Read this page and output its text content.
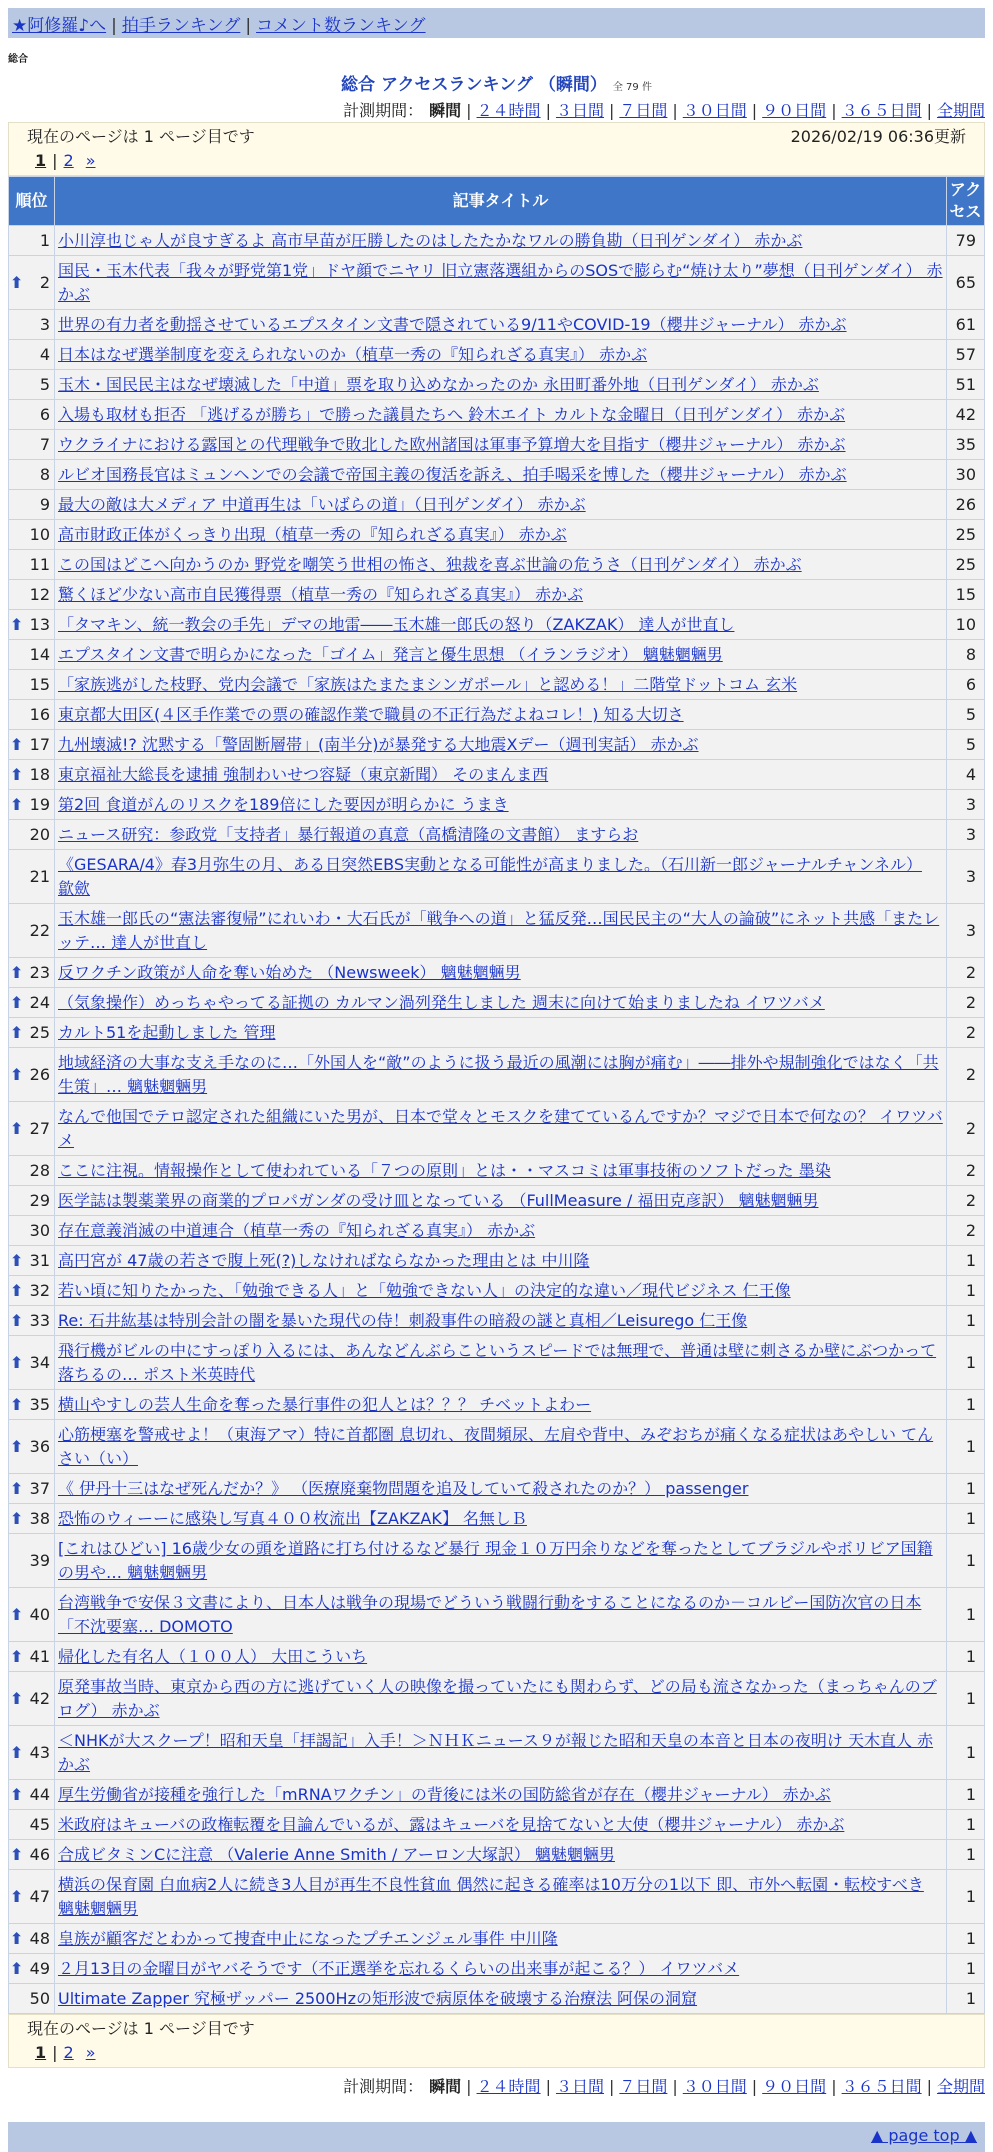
★阿修羅♪へ | 拍手ランキング | コメント数ランキング
総合
総合 アクセスランキング （瞬間） 全 79 件
計測期間： 瞬間 | ２４時間 | ３日間 | ７日間 | ３０日間 | ９０日間 | ３６５日間 | 全期間
現在のページは 1 ページ目です	2026/02/19 06:36更新
1 | 2 »
順位	記事タイトル	アクセス
1	小川淳也じゃ人が良すぎるよ 高市早苗が圧勝したのはしたたかなワルの勝負勘（日刊ゲンダイ） 赤かぶ	79

⬆ 2	国民・玉木代表「我々が野党第1党」ドヤ顔でニヤリ 旧立憲落選組からのSOSで膨らむ“焼け太り”夢想（日刊ゲンダイ） 赤かぶ	65
3	世界の有力者を動揺させているエプスタイン文書で隠されている9/11やCOVID-19（櫻井ジャーナル） 赤かぶ	61
4	日本はなぜ選挙制度を変えられないのか（植草一秀の『知られざる真実』） 赤かぶ	57
5	玉木・国民民主はなぜ壊滅した「中道」票を取り込めなかったのか 永田町番外地（日刊ゲンダイ） 赤かぶ	51
6	入場も取材も拒否 「逃げるが勝ち」で勝った議員たちへ 鈴木エイト カルトな金曜日（日刊ゲンダイ） 赤かぶ	42
7	ウクライナにおける露国との代理戦争で敗北した欧州諸国は軍事予算増大を目指す（櫻井ジャーナル） 赤かぶ	35
8	ルビオ国務長官はミュンヘンでの会議で帝国主義の復活を訴え、拍手喝采を博した（櫻井ジャーナル） 赤かぶ	30
9	最大の敵は大メディア 中道再生は「いばらの道」（日刊ゲンダイ） 赤かぶ	26
10	高市財政正体がくっきり出現（植草一秀の『知られざる真実』） 赤かぶ	25
11	この国はどこへ向かうのか 野党を嘲笑う世相の怖さ、独裁を喜ぶ世論の危うさ（日刊ゲンダイ） 赤かぶ	25
12	驚くほど少ない高市自民獲得票（植草一秀の『知られざる真実』） 赤かぶ	15

⬆ 13	「タマキン、統一教会の手先」デマの地雷――玉木雄一郎氏の怒り（ZAKZAK） 達人が世直し	10
14	エプスタイン文書で明らかになった「ゴイム」発言と優生思想 （イランラジオ） 魑魅魍魎男	8
15	「家族逃がした枝野、党内会議で「家族はたまたまシンガポール」と認める！」二階堂ドットコム 玄米	6
16	東京都大田区(４区手作業での票の確認作業で職員の不正行為だよねコレ！) 知る大切さ	5

⬆ 17	九州壊滅!? 沈黙する「警固断層帯」(南半分)が暴発する大地震Xデー（週刊実話） 赤かぶ	5

⬆ 18	東京福祉大総長を逮捕 強制わいせつ容疑（東京新聞） そのまんま西	4

⬆ 19	第2回 食道がんのリスクを189倍にした要因が明らかに うまき	3
20	ニュース研究：参政党「支持者」暴行報道の真意（高橋清隆の文書館） ますらお	3
21	《GESARA/4》春3月弥生の月、ある日突然EBS実動となる可能性が高まりました。（石川新一郎ジャーナルチャンネル） 歙歛	3
22	玉木雄一郎氏の“憲法審復帰”にれいわ・大石氏が「戦争への道」と猛反発…国民民主の“大人の論破”にネット共感「またレッテ… 達人が世直し	3

⬆ 23	反ワクチン政策が人命を奪い始めた （Newsweek） 魑魅魍魎男	2

⬆ 24	（気象操作）めっちゃやってる証拠の カルマン渦列発生しました 週末に向けて始まりましたね イワツバメ	2

⬆ 25	カルト51を起動しました 管理	2

⬆ 26	地域経済の大事な支え手なのに…「外国人を“敵”のように扱う最近の風潮には胸が痛む」――排外や規制強化ではなく「共生策」… 魑魅魍魎男	2

⬆ 27	なんで他国でテロ認定された組織にいた男が、日本で堂々とモスクを建てているんですか？マジで日本で何なの？ イワツバメ	2
28	ここに注視。情報操作として使われている「７つの原則」とは・・マスコミは軍事技術のソフトだった 墨染	2
29	医学誌は製薬業界の商業的プロパガンダの受け皿となっている （FullMeasure / 福田克彦訳） 魑魅魍魎男	2
30	存在意義消滅の中道連合（植草一秀の『知られざる真実』） 赤かぶ	2

⬆ 31	高円宮が 47歳の若さで腹上死(?)しなければならなかった理由とは 中川隆	1

⬆ 32	若い頃に知りたかった、「勉強できる人」と「勉強できない人」の決定的な違い／現代ビジネス 仁王像	1

⬆ 33	Re: 石井紘基は特別会計の闇を暴いた現代の侍！刺殺事件の暗殺の謎と真相／Leisurego 仁王像	1

⬆ 34	飛行機がビルの中にすっぽり入るには、あんなどんぶらこというスピードでは無理で、普通は壁に刺さるか壁にぶつかって落ちるの… ポスト米英時代	1

⬆ 35	横山やすしの芸人生命を奪った暴行事件の犯人とは？？？ チベットよわー	1

⬆ 36	心筋梗塞を警戒せよ！（東海アマ）特に首都圏 息切れ、夜間頻尿、左肩や背中、みぞおちが痛くなる症状はあやしい てんさい（い）	1

⬆ 37	《 伊丹十三はなぜ死んだか？》 （医療廃棄物問題を追及していて殺されたのか？） passenger	1

⬆ 38	恐怖のウィーーに感染し写真４００枚流出【ZAKZAK】 名無しＢ	1
39	[これはひどい] 16歳少女の頭を道路に打ち付けるなど暴行 現金１０万円余りなどを奪ったとしてブラジルやボリビア国籍の男や… 魑魅魍魎男	1

⬆ 40	台湾戦争で安保３文書により、日本人は戦争の現場でどういう戦闘行動をすることになるのか－コルビー国防次官の日本「不沈要塞… DOMOTO	1

⬆ 41	帰化した有名人（１００人） 大田こういち	1

⬆ 42	原発事故当時、東京から西の方に逃げていく人の映像を撮っていたにも関わらず、どの局も流さなかった（まっちゃんのブログ） 赤かぶ	1

⬆ 43	＜NHKが大スクープ！昭和天皇「拝謁記」入手！＞ＮＨＫニュース９が報じた昭和天皇の本音と日本の夜明け 天木直人 赤かぶ	1

⬆ 44	厚生労働省が接種を強行した「mRNAワクチン」の背後には米の国防総省が存在（櫻井ジャーナル） 赤かぶ	1
45	米政府はキューバの政権転覆を目論んでいるが、露はキューバを見捨てないと大使（櫻井ジャーナル） 赤かぶ	1

⬆ 46	合成ビタミンCに注意 （Valerie Anne Smith / アーロン大塚訳） 魑魅魍魎男	1

⬆ 47	横浜の保育園 白血病2人に続き3人目が再生不良性貧血 偶然に起きる確率は10万分の1以下 即、市外へ転園・転校すべき 魑魅魍魎男	1

⬆ 48	皇族が顧客だとわかって捜査中止になったプチエンジェル事件 中川隆	1

⬆ 49	２月13日の金曜日がヤバそうです（不正選挙を忘れるくらいの出来事が起こる？） イワツバメ	1
50	Ultimate Zapper 究極ザッパー 2500Hzの矩形波で病原体を破壊する治療法 阿保の洞窟	1
現在のページは 1 ページ目です
1 | 2 »
計測期間： 瞬間 | ２４時間 | ３日間 | ７日間 | ３０日間 | ９０日間 | ３６５日間 | 全期間
▲ page top ▲
